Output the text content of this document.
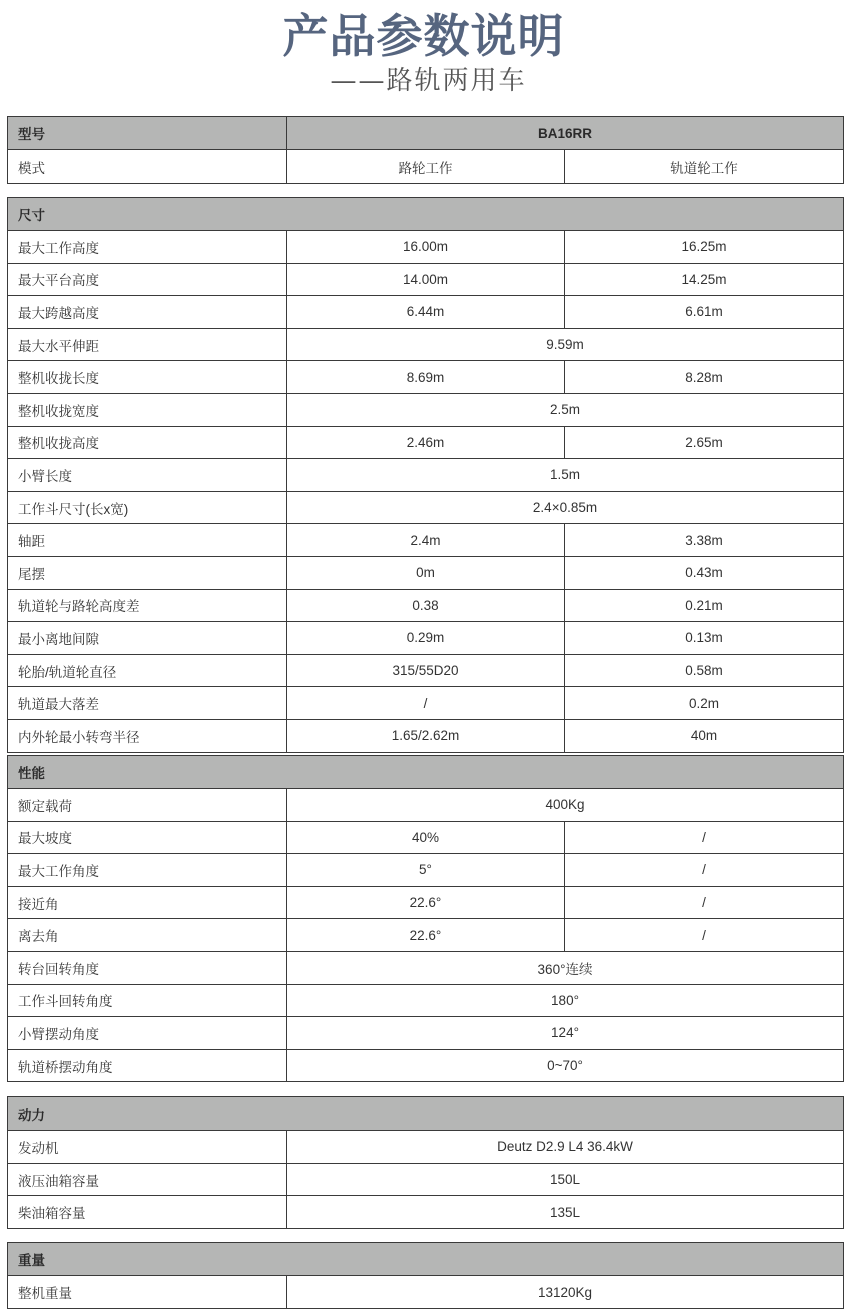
产品参数说明
——路轨两用车
型号	BA16RR	
模式	路轮工作	轨道轮工作
尺寸		
最大工作高度	16.00m	16.25m
最大平台高度	14.00m	14.25m
最大跨越高度	6.44m	6.61m
最大水平伸距	9.59m	
整机收拢长度	8.69m	8.28m
整机收拢宽度	2.5m	
整机收拢高度	2.46m	2.65m
小臂长度	1.5m	
工作斗尺寸(长x宽)	2.4×0.85m	
轴距	2.4m	3.38m
尾摆	0m	0.43m
轨道轮与路轮高度差	0.38	0.21m
最小离地间隙	0.29m	0.13m
轮胎/轨道轮直径	315/55D20	0.58m
轨道最大落差	/	0.2m
内外轮最小转弯半径	1.65/2.62m	40m
性能		
额定载荷	400Kg	
最大坡度	40%	/
最大工作角度	5°	/
接近角	22.6°	/
离去角	22.6°	/
转台回转角度	360°连续	
工作斗回转角度	180°	
小臂摆动角度	124°	
轨道桥摆动角度	0~70°	
动力	
发动机	Deutz D2.9 L4 36.4kW
液压油箱容量	150L
柴油箱容量	135L
重量
整机重量	13120Kg
